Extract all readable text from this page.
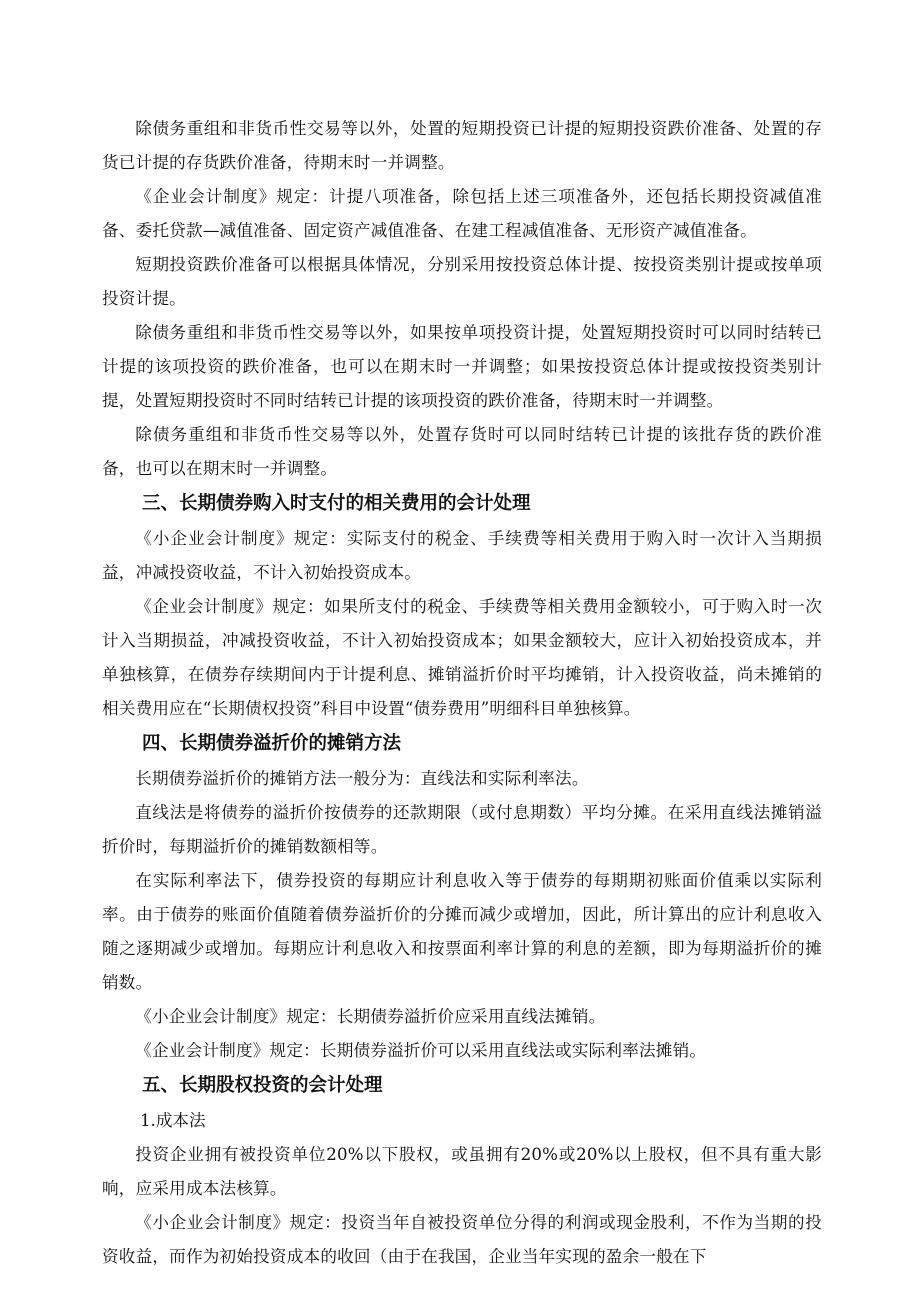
除债务重组和非货币性交易等以外，处置的短期投资已计提的短期投资跌价准备、处置的存货已计提的存货跌价准备，待期末时一并调整。

《企业会计制度》规定：计提八项准备，除包括上述三项准备外，还包括长期投资减值准备、委托贷款—减值准备、固定资产减值准备、在建工程减值准备、无形资产减值准备。

短期投资跌价准备可以根据具体情况，分别采用按投资总体计提、按投资类别计提或按单项投资计提。

除债务重组和非货币性交易等以外，如果按单项投资计提，处置短期投资时可以同时结转已计提的该项投资的跌价准备，也可以在期末时一并调整；如果按投资总体计提或按投资类别计提，处置短期投资时不同时结转已计提的该项投资的跌价准备，待期末时一并调整。

除债务重组和非货币性交易等以外，处置存货时可以同时结转已计提的该批存货的跌价准备，也可以在期末时一并调整。

三、长期债券购入时支付的相关费用的会计处理

《小企业会计制度》规定：实际支付的税金、手续费等相关费用于购入时一次计入当期损益，冲减投资收益，不计入初始投资成本。

《企业会计制度》规定：如果所支付的税金、手续费等相关费用金额较小，可于购入时一次计入当期损益，冲减投资收益，不计入初始投资成本；如果金额较大，应计入初始投资成本，并单独核算，在债券存续期间内于计提利息、摊销溢折价时平均摊销，计入投资收益，尚未摊销的相关费用应在“长期债权投资”科目中设置“债券费用”明细科目单独核算。

四、长期债券溢折价的摊销方法

长期债券溢折价的摊销方法一般分为：直线法和实际利率法。

直线法是将债券的溢折价按债券的还款期限（或付息期数）平均分摊。在采用直线法摊销溢折价时，每期溢折价的摊销数额相等。

在实际利率法下，债券投资的每期应计利息收入等于债券的每期期初账面价值乘以实际利率。由于债券的账面价值随着债券溢折价的分摊而减少或增加，因此，所计算出的应计利息收入随之逐期减少或增加。每期应计利息收入和按票面利率计算的利息的差额，即为每期溢折价的摊销数。

《小企业会计制度》规定：长期债券溢折价应采用直线法摊销。

《企业会计制度》规定：长期债券溢折价可以采用直线法或实际利率法摊销。

五、长期股权投资的会计处理

1.成本法

投资企业拥有被投资单位20%以下股权，或虽拥有20%或20%以上股权，但不具有重大影响，应采用成本法核算。

《小企业会计制度》规定：投资当年自被投资单位分得的利润或现金股利，不作为当期的投资收益，而作为初始投资成本的收回（由于在我国，企业当年实现的盈余一般在下
